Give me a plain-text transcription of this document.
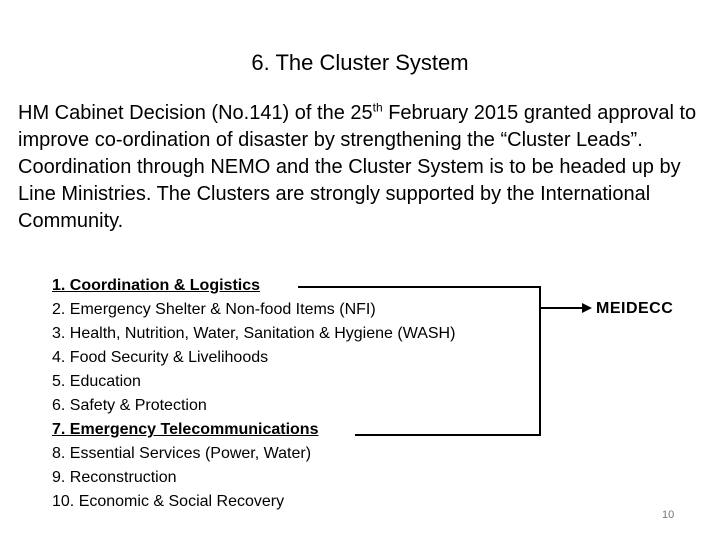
6. The Cluster System

HM Cabinet Decision (No.141) of the 25th February 2015 granted approval to improve co-ordination of disaster by strengthening the “Cluster Leads”. Coordination through NEMO and the Cluster System is to be headed up by Line Ministries. The Clusters are strongly supported by the International Community.

1. Coordination & Logistics
2. Emergency Shelter & Non-food Items (NFI)
3. Health, Nutrition, Water, Sanitation & Hygiene (WASH)
4. Food Security & Livelihoods
5. Education
6. Safety & Protection
7. Emergency Telecommunications
8. Essential Services (Power, Water)
9. Reconstruction
10. Economic & Social Recovery
MEIDECC
10
